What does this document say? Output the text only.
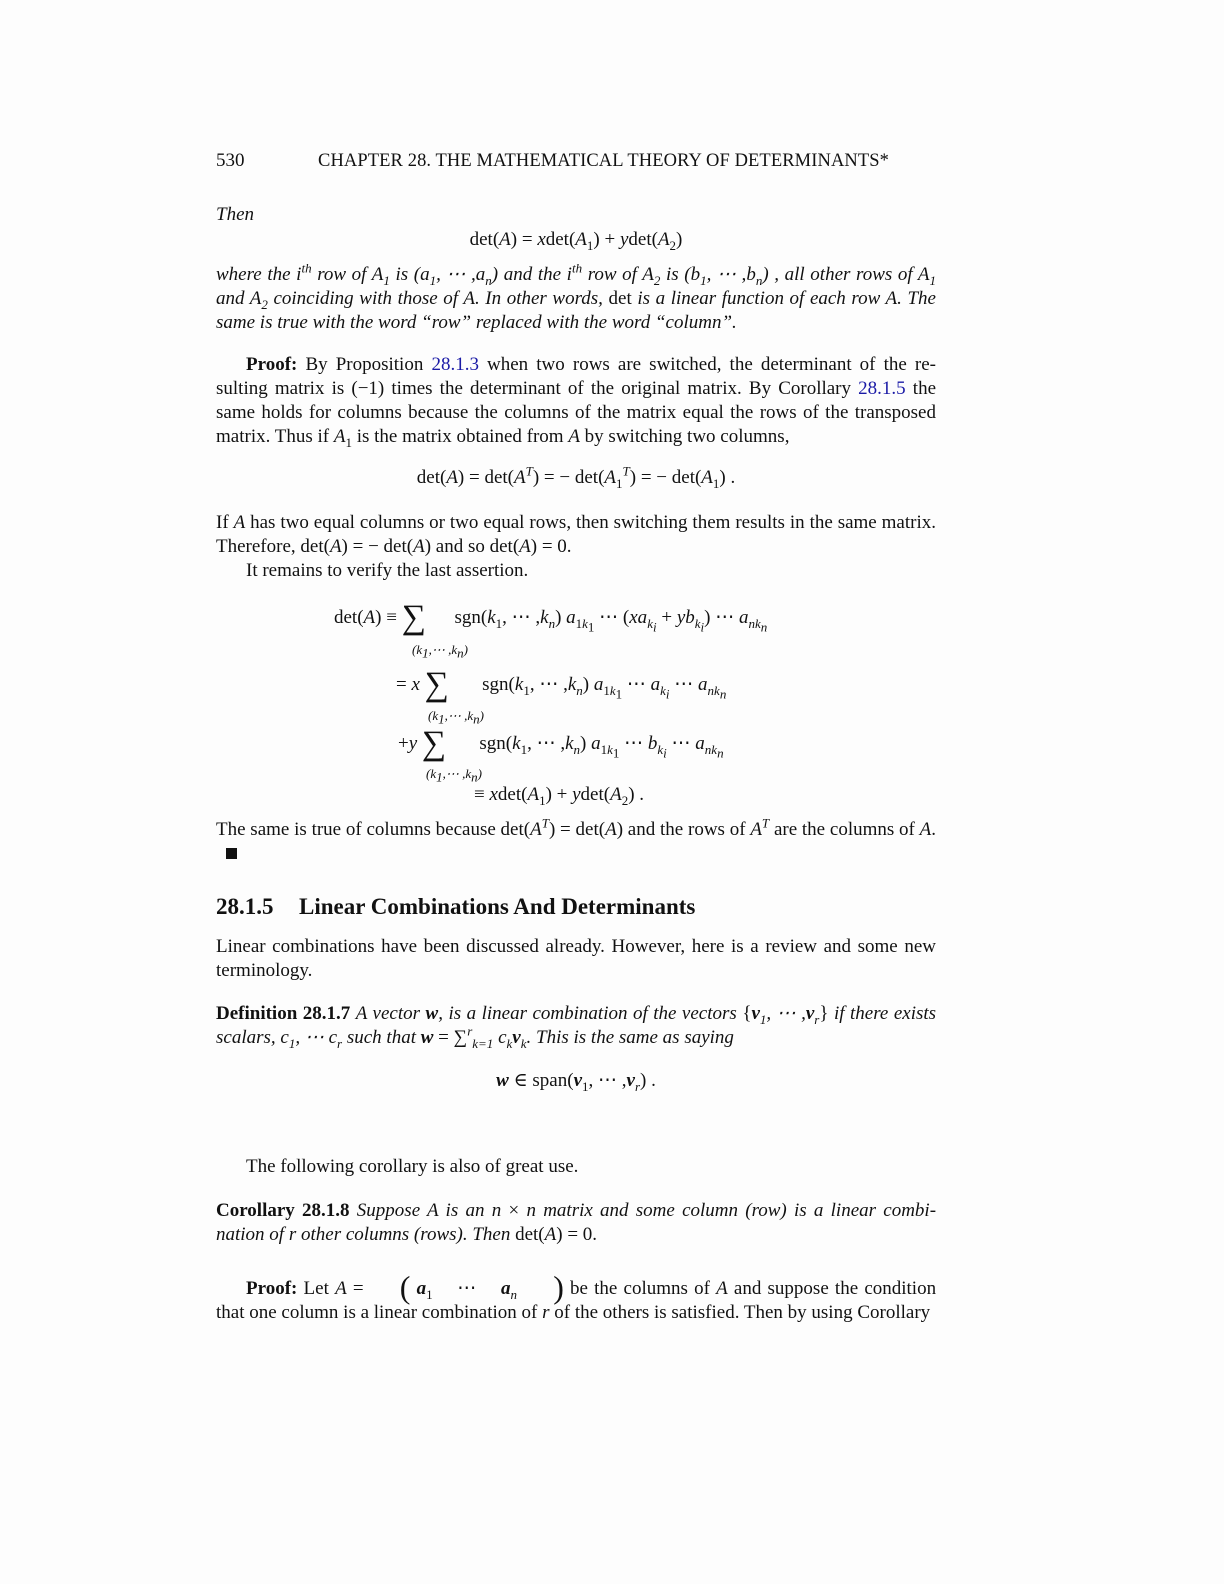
530	CHAPTER 28. THE MATHEMATICAL THEORY OF DETERMINANTS*
Then
$\det(A) = xdet(A_1) + ydet(A_2)$
where the $i^{th}$ row of $A_1$ is ($a_1$, ⋯ $,a_n$) and the $i^{th}$ row of $A_2$ is ($b_1$, ⋯ $,b_n$) , all other rows of $A_1$ and $A_2$ coinciding with those of A. In other words, det is a linear function of each row A. The same is true with the word “row” replaced with the word “column”.
Proof: By Proposition 28.1.3 when two rows are switched, the determinant of the re-sulting matrix is (−1) times the determinant of the original matrix. By Corollary 28.1.5 the same holds for columns because the columns of the matrix equal the rows of the transposed matrix. Thus if $A_1$ is the matrix obtained from A by switching two columns,
$\det(A) = \det(A^T)$ = − $\det(A_1^T)$ = − $\det(A_1)$ .
If A has two equal columns or two equal rows, then switching them results in the same matrix. Therefore, det(A) = − det(A) and so det(A) = 0.
It remains to verify the last assertion.
det(A) ≡ ∑      $sgn(k_1$, ⋯ $,k_n$) $a_{1k_1}$ ⋯ $(xa_{k_i} + yb_{k_i})$ ⋯ $a_{nk_n}$
($k_1,\cdots$ $,k_n$)
= x ∑       $sgn(k_1$, ⋯ $,k_n$) $a_{1k_1}$ ⋯ $a_{k_i}$ ⋯ $a_{nk_n}$
($k_1,\cdots$ $,k_n$)
+y ∑       $sgn(k_1$, ⋯ $,k_n$) $a_{1k_1}$ ⋯ $b_{k_i}$ ⋯ $a_{nk_n}$
($k_1,\cdots$ $,k_n$)
≡ $xdet(A_1) + ydet(A_2)$ .
The same is true of columns because $\det(A^T) = \det(A)$ and the rows of $A^T$ are the columns of A.
28.1.5 Linear Combinations And Determinants
Linear combinations have been discussed already. However, here is a review and some new terminology.
Definition 28.1.7 A vector w, is a linear combination of the vectors {$v_1$, ⋯ $,v_r$} if there exists scalars, $c_1$, ⋯ $c_r$ such that w = ∑$^r_{k=1}$ $c_kv_k$. This is the same as saying
w ∈ $span(v_1$, ⋯ $,v_r$) .
The following corollary is also of great use.
Corollary 28.1.8 Suppose A is an n × n matrix and some column (row) is a linear combi-nation of r other columns (rows). Then det(A) = 0.
Proof: Let A = ( $a_1$    ⋯    $a_n$ ) be the columns of A and suppose the condition that one column is a linear combination of r of the others is satisfied. Then by using Corollary
